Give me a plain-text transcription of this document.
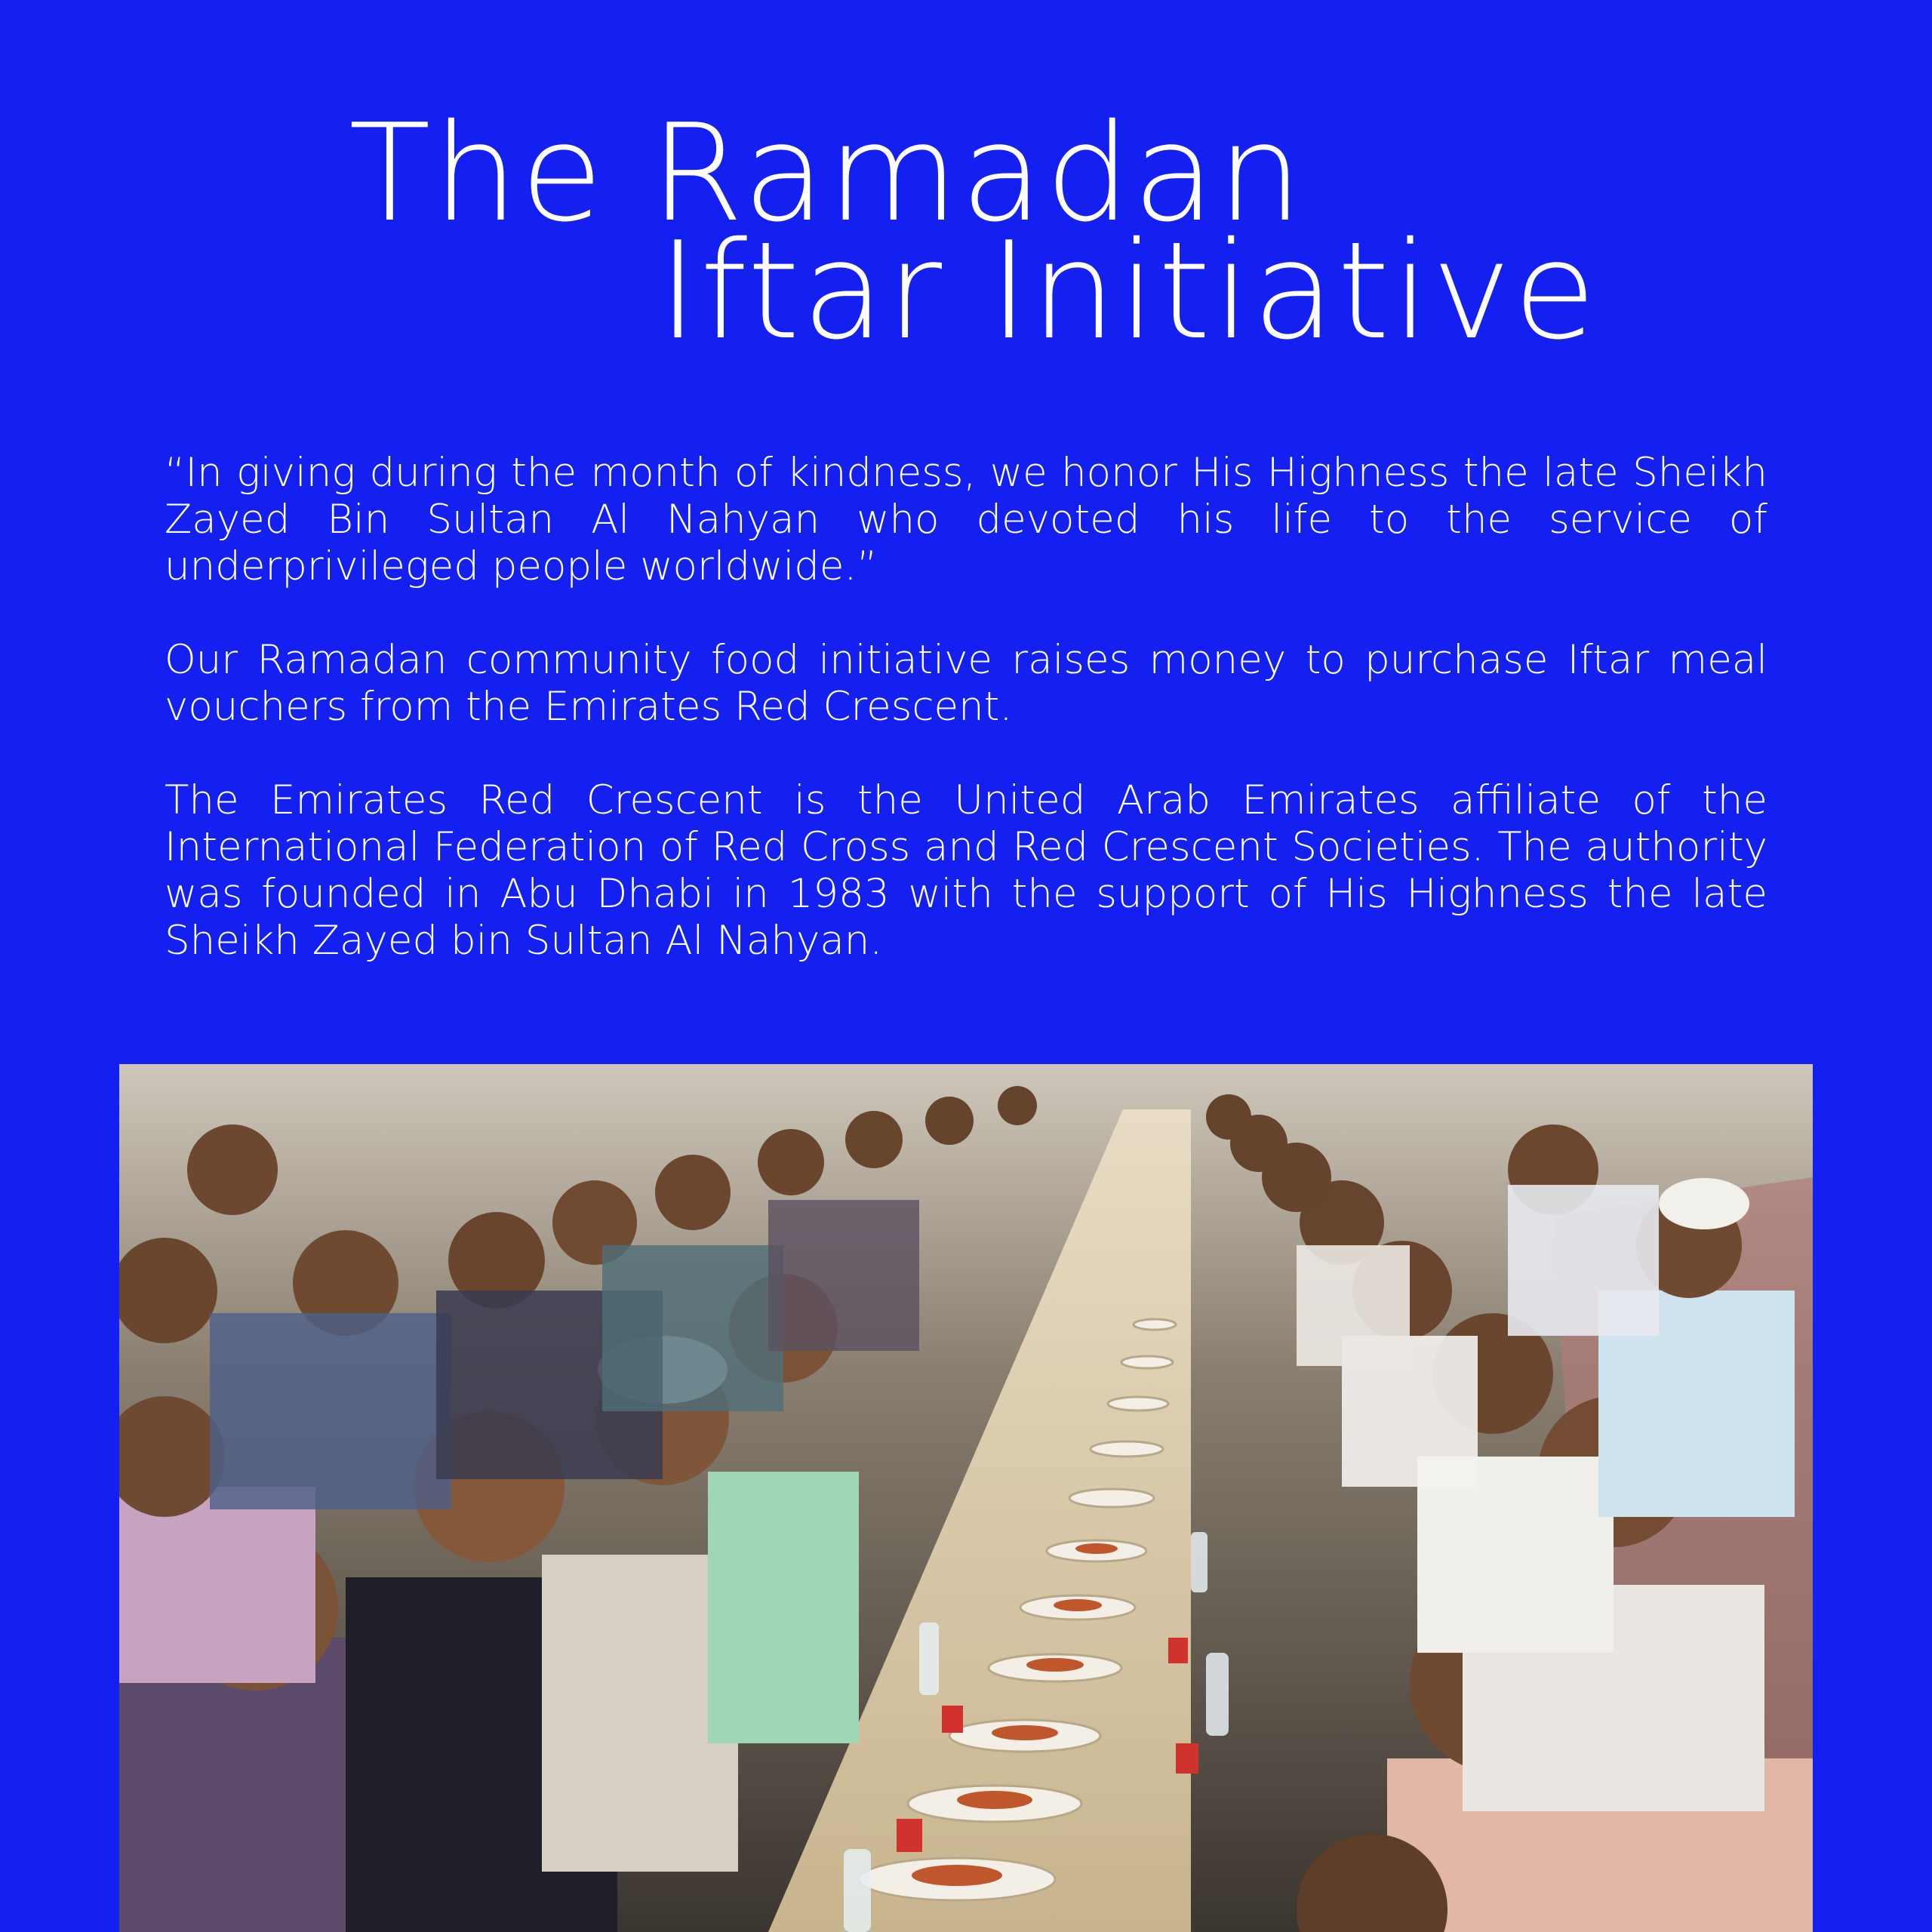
The Ramadan
Iftar Initiative

“In giving during the month of kindness, we honor His Highness the late Sheikh Zayed Bin Sultan Al Nahyan who devoted his life to the service of underprivileged people worldwide.”

Our Ramadan community food initiative raises money to purchase Iftar meal vouchers from the Emirates Red Crescent.

The Emirates Red Crescent is the United Arab Emirates affiliate of the International Federation of Red Cross and Red Crescent Societies. The authority was founded in Abu Dhabi in 1983 with the support of His Highness the late Sheikh Zayed bin Sultan Al Nahyan.
